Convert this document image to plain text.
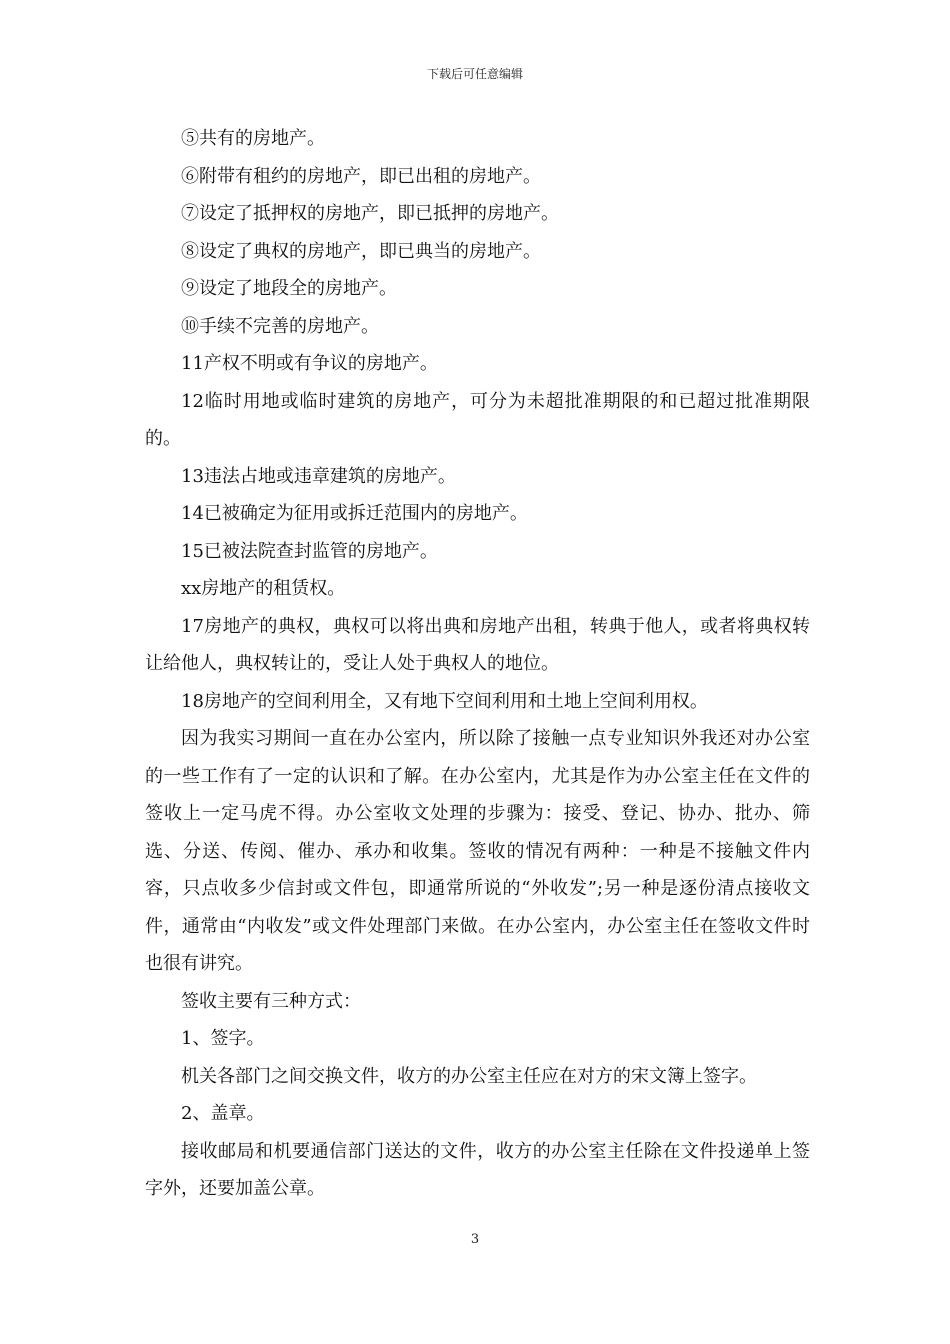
下载后可任意编辑

⑤共有的房地产。

⑥附带有租约的房地产，即已出租的房地产。

⑦设定了抵押权的房地产，即已抵押的房地产。

⑧设定了典权的房地产，即已典当的房地产。

⑨设定了地段全的房地产。

⑩手续不完善的房地产。

11产权不明或有争议的房地产。

12临时用地或临时建筑的房地产，可分为未超批准期限的和已超过批准期限的。

13违法占地或违章建筑的房地产。

14已被确定为征用或拆迁范围内的房地产。

15已被法院查封监管的房地产。

xx房地产的租赁权。

17房地产的典权，典权可以将出典和房地产出租，转典于他人，或者将典权转让给他人，典权转让的，受让人处于典权人的地位。

18房地产的空间利用全，又有地下空间利用和土地上空间利用权。

因为我实习期间一直在办公室内，所以除了接触一点专业知识外我还对办公室的一些工作有了一定的认识和了解。在办公室内，尤其是作为办公室主任在文件的签收上一定马虎不得。办公室收文处理的步骤为：接受、登记、协办、批办、筛选、分送、传阅、催办、承办和收集。签收的情况有两种：一种是不接触文件内容，只点收多少信封或文件包，即通常所说的“外收发”;另一种是逐份清点接收文件，通常由“内收发”或文件处理部门来做。在办公室内，办公室主任在签收文件时也很有讲究。

签收主要有三种方式：

1、签字。

机关各部门之间交换文件，收方的办公室主任应在对方的宋文簿上签字。

2、盖章。

接收邮局和机要通信部门送达的文件，收方的办公室主任除在文件投递单上签字外，还要加盖公章。

3
